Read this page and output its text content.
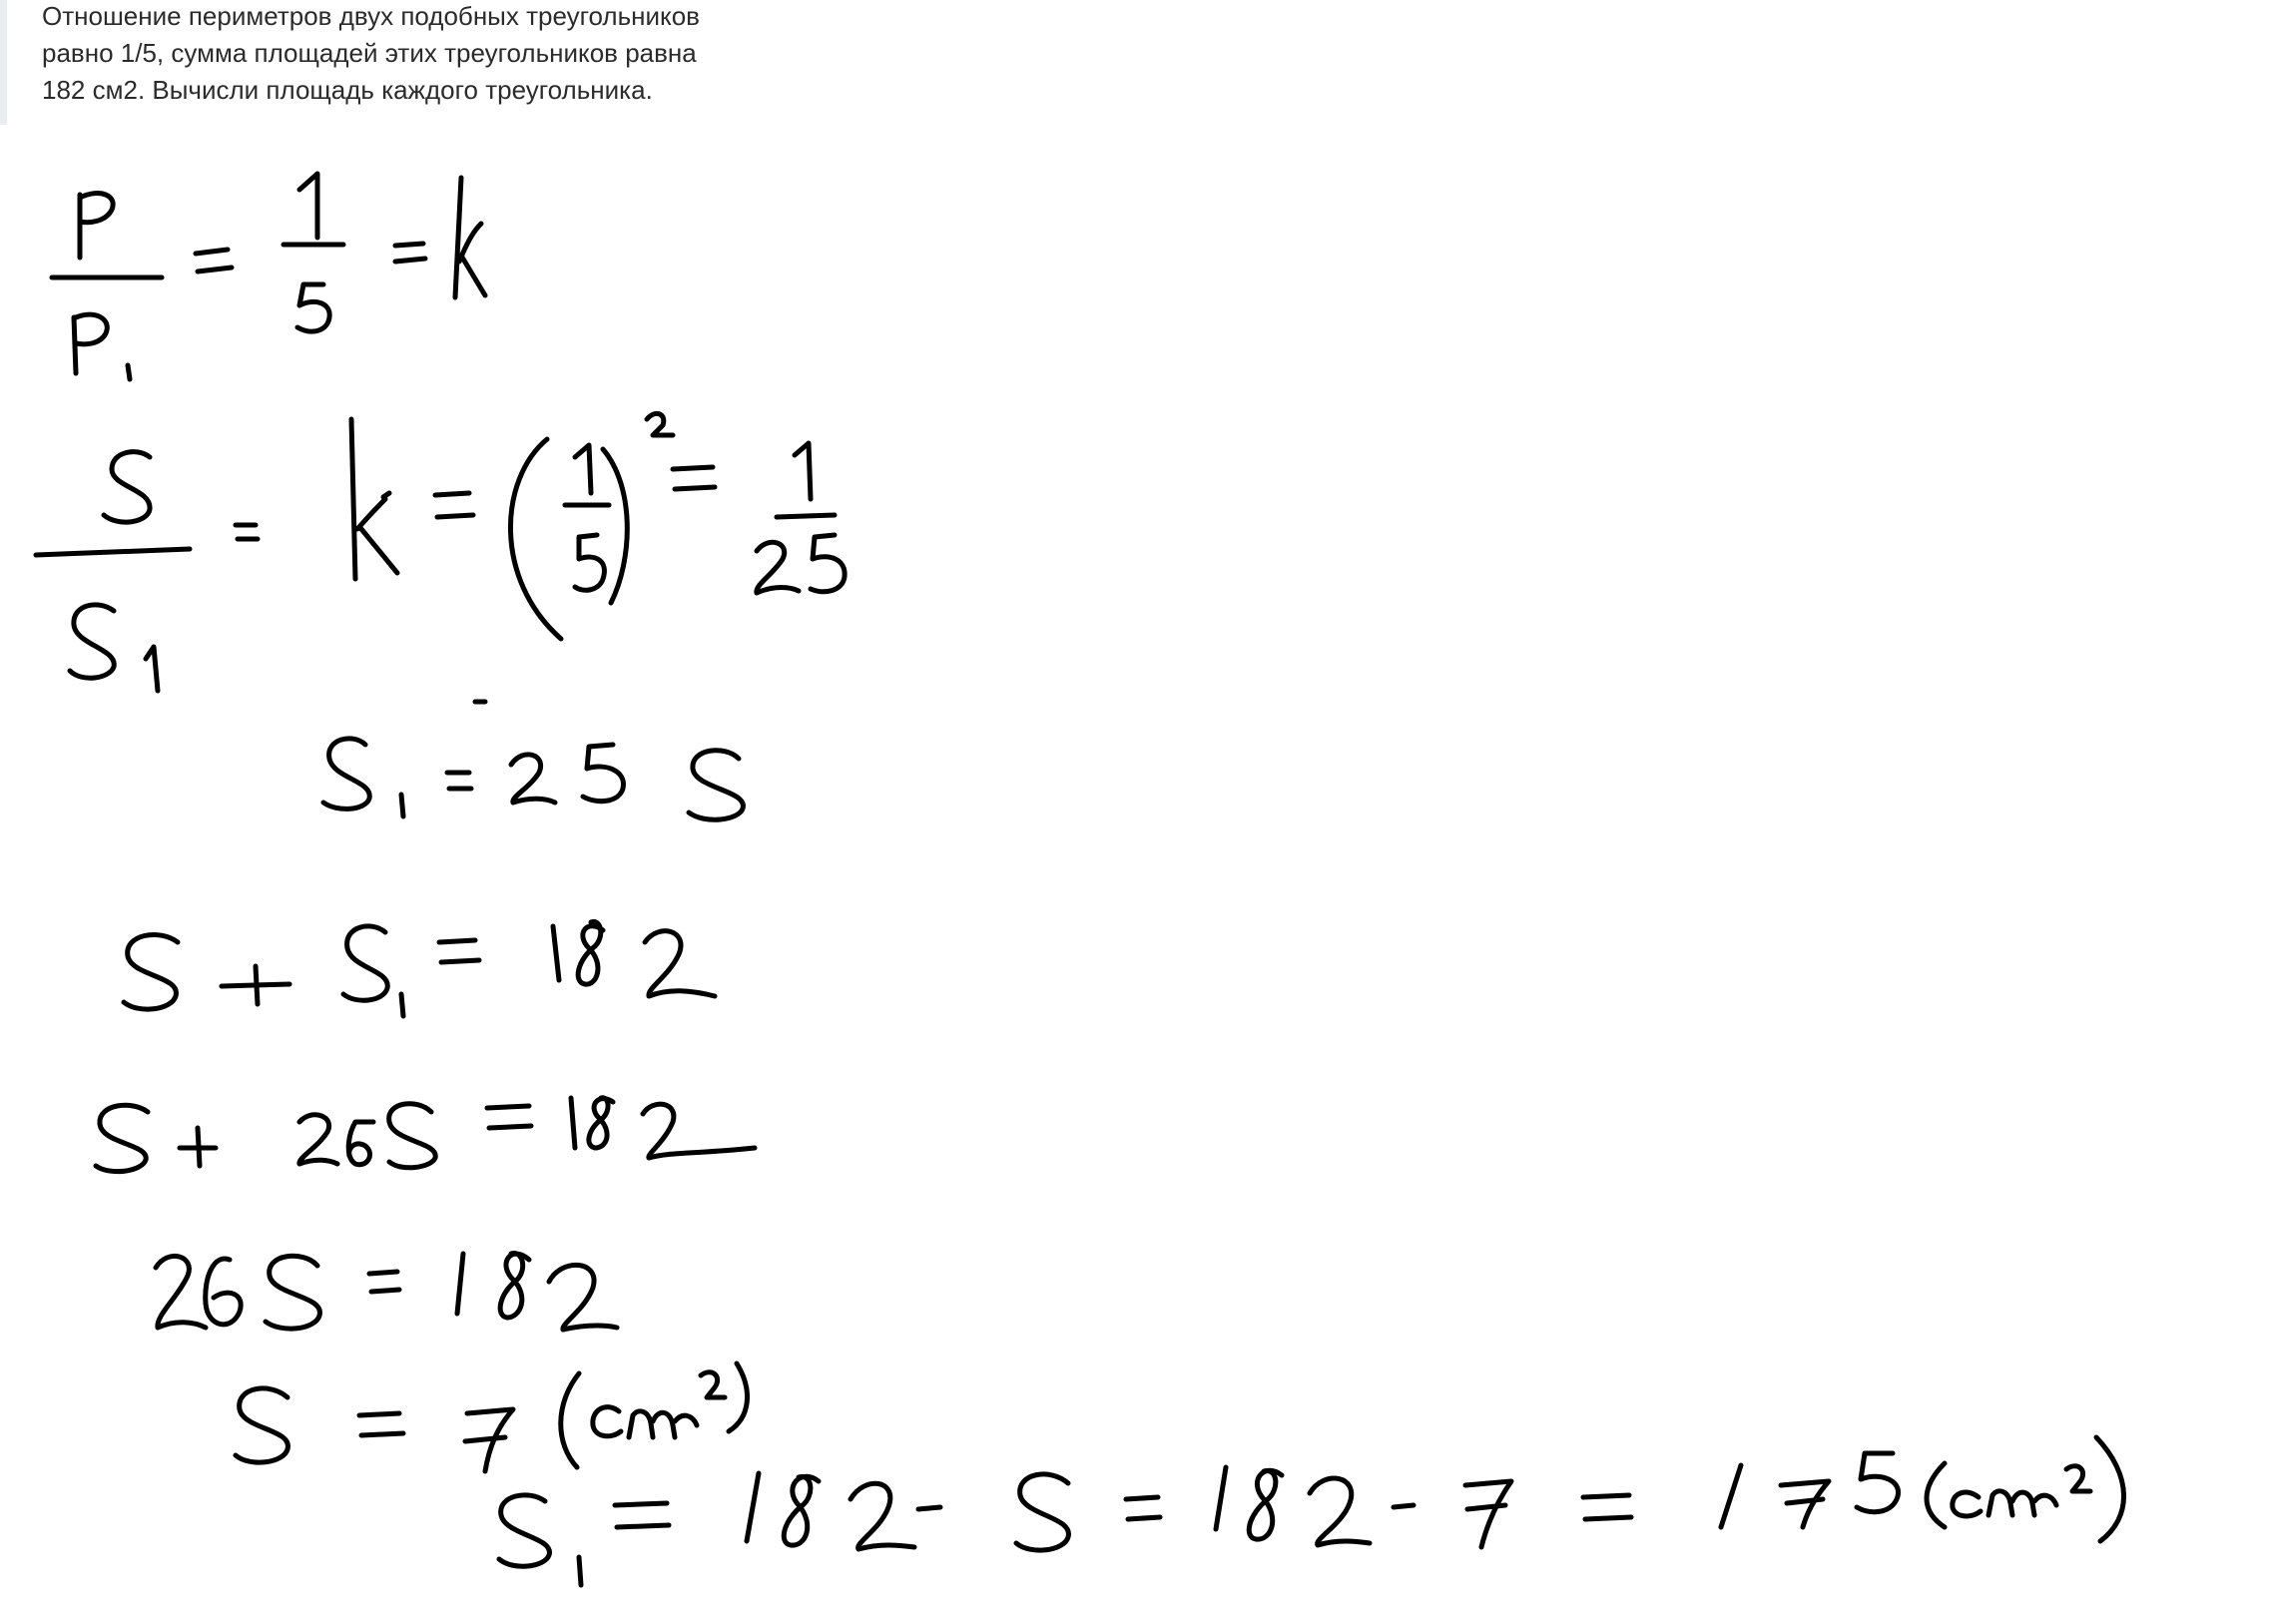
Отношение периметров двух подобных треугольников
равно 1/5, сумма площадей этих треугольников равна
182 см2. Вычисли площадь каждого треугольника.
